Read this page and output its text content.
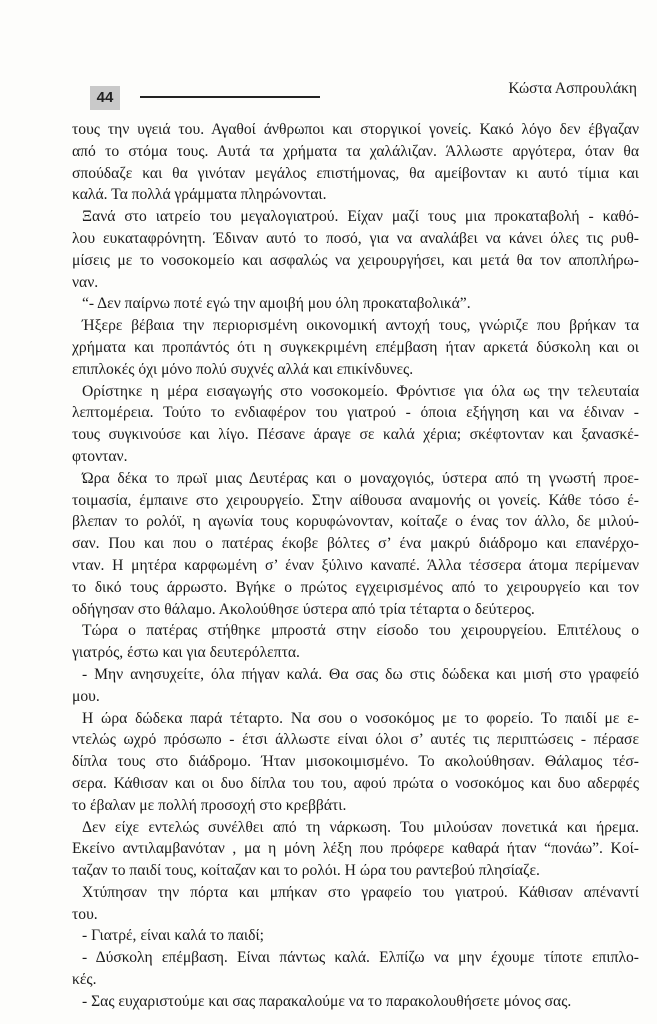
44
Κώστα Ασπρουλάκη
τους την υγειά του. Αγαθοί άνθρωποι και στοργικοί γονείς. Κακό λόγο δεν έβγαζαν
από το στόμα τους. Αυτά τα χρήματα τα χαλάλιζαν. Άλλωστε αργότερα, όταν θα
σπούδαζε και θα γινόταν μεγάλος επιστήμονας, θα αμείβονταν κι αυτό τίμια και
καλά. Τα πολλά γράμματα πληρώνονται.
Ξανά στο ιατρείο του μεγαλογιατρού. Είχαν μαζί τους μια προκαταβολή - καθό-
λου ευκαταφρόνητη. Έδιναν αυτό το ποσό, για να αναλάβει να κάνει όλες τις ρυθ-
μίσεις με το νοσοκομείο και ασφαλώς να χειρουργήσει, και μετά θα τον αποπλήρω-
ναν.
“- Δεν παίρνω ποτέ εγώ την αμοιβή μου όλη προκαταβολικά”.
Ήξερε βέβαια την περιορισμένη οικονομική αντοχή τους, γνώριζε που βρήκαν τα
χρήματα και προπάντός ότι η συγκεκριμένη επέμβαση ήταν αρκετά δύσκολη και οι
επιπλοκές όχι μόνο πολύ συχνές αλλά και επικίνδυνες.
Ορίστηκε η μέρα εισαγωγής στο νοσοκομείο. Φρόντισε για όλα ως την τελευταία
λεπτομέρεια. Τούτο το ενδιαφέρον του γιατρού - όποια εξήγηση και να έδιναν -
τους συγκινούσε και λίγο. Πέσανε άραγε σε καλά χέρια; σκέφτονταν και ξανασκέ-
φτονταν.
Ώρα δέκα το πρωϊ μιας Δευτέρας και ο μοναχογιός, ύστερα από τη γνωστή προε-
τοιμασία, έμπαινε στο χειρουργείο. Στην αίθουσα αναμονής οι γονείς. Κάθε τόσο έ-
βλεπαν το ρολόϊ, η αγωνία τους κορυφώνονταν, κοίταζε ο ένας τον άλλο, δε μιλού-
σαν. Που και που ο πατέρας έκοβε βόλτες σ’ ένα μακρύ διάδρομο και επανέρχο-
νταν. Η μητέρα καρφωμένη σ’ έναν ξύλινο καναπέ. Άλλα τέσσερα άτομα περίμεναν
το δικό τους άρρωστο. Βγήκε ο πρώτος εγχειρισμένος από το χειρουργείο και τον
οδήγησαν στο θάλαμο. Ακολούθησε ύστερα από τρία τέταρτα ο δεύτερος.
Τώρα ο πατέρας στήθηκε μπροστά στην είσοδο του χειρουργείου. Επιτέλους ο
γιατρός, έστω και για δευτερόλεπτα.
- Μην ανησυχείτε, όλα πήγαν καλά. Θα σας δω στις δώδεκα και μισή στο γραφείό
μου.
Η ώρα δώδεκα παρά τέταρτο. Να σου ο νοσοκόμος με το φορείο. Το παιδί με ε-
ντελώς ωχρό πρόσωπο - έτσι άλλωστε είναι όλοι σ’ αυτές τις περιπτώσεις - πέρασε
δίπλα τους στο διάδρομο. Ήταν μισοκοιμισμένο. Το ακολούθησαν. Θάλαμος τέσ-
σερα. Κάθισαν και οι δυο δίπλα του του, αφού πρώτα ο νοσοκόμος και δυο αδερφές
το έβαλαν με πολλή προσοχή στο κρεββάτι.
Δεν είχε εντελώς συνέλθει από τη νάρκωση. Του μιλούσαν πονετικά και ήρεμα.
Εκείνο αντιλαμβανόταν , μα η μόνη λέξη που πρόφερε καθαρά ήταν “πονάω”. Κοί-
ταζαν το παιδί τους, κοίταζαν και το ρολόι. Η ώρα του ραντεβού πλησίαζε.
Χτύπησαν την πόρτα και μπήκαν στο γραφείο του γιατρού. Κάθισαν απέναντί
του.
- Γιατρέ, είναι καλά το παιδί;
- Δύσκολη επέμβαση. Είναι πάντως καλά. Ελπίζω να μην έχουμε τίποτε επιπλο-
κές.
- Σας ευχαριστούμε και σας παρακαλούμε να το παρακολουθήσετε μόνος σας.
